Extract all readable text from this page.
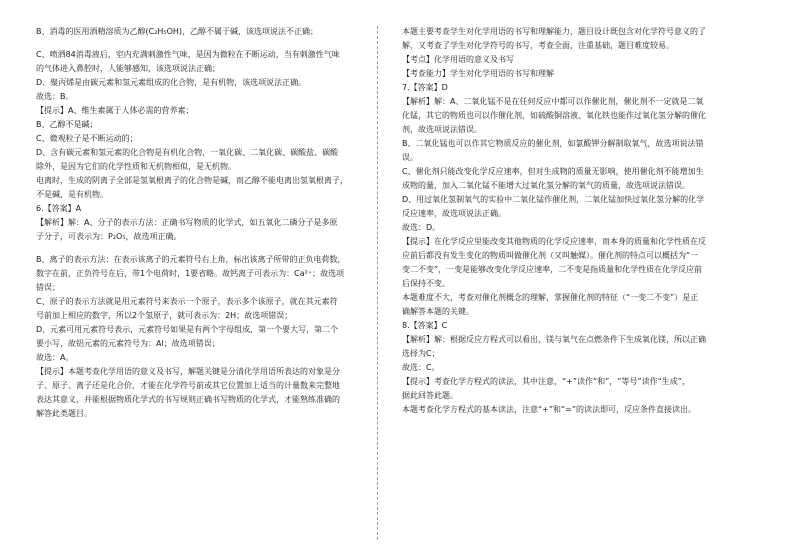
B、消毒的医用酒精溶质为乙醇(C₂H₅OH)，乙醇不属于碱，该选项说法不正确；
C、喷洒84消毒液后，室内充满刺激性气味，是因为微粒在不断运动，当有刺激性气味
的气体进入鼻腔时，人能够感知，该选项说法正确；
D、聚丙烯是由碳元素和氢元素组成的化合物，是有机物，该选项说法正确。
故选：B。
【提示】A、维生素属于人体必需的营养素；
B、乙醇不是碱；
C、微观粒子是不断运动的；
D、含有碳元素和氢元素的化合物是有机化合物，一氧化碳、二氧化碳、碳酸盐、碳酸
除外，是因为它们的化学性质和无机物相似，是无机物。
电离时，生成的阴离子全部是氢氧根离子的化合物是碱，而乙醇不能电离出氢氧根离子，
不是碱，是有机物。
6.【答案】A
【解析】解：A、分子的表示方法：正确书写物质的化学式，如五氧化二磷分子是多原
子分子，可表示为：P₂O₅，故选项正确。
B、离子的表示方法：在表示该离子的元素符号右上角，标出该离子所带的正负电荷数，
数字在前，正负符号在后，带1个电荷时，1要省略。故钙离子可表示为：Ca²⁺；故选项
错误；
C、原子的表示方法就是用元素符号来表示一个原子，表示多个该原子，就在其元素符
号前加上相应的数字，所以2个氢原子，就可表示为：2H；故选项错误；
D、元素可用元素符号表示，元素符号如果是有两个字母组成，第一个要大写，第二个
要小写，故铝元素的元素符号为：Al；故选项错误；
故选：A。
【提示】本题考查化学用语的意义及书写，解题关键是分清化学用语所表达的对象是分
子、原子、离子还是化合价，才能在化学符号前或其它位置加上适当的计量数来完整地
表达其意义，并能根据物质化学式的书写规则正确书写物质的化学式，才能熟练准确的
解答此类题目。
本题主要考查学生对化学用语的书写和理解能力，题目设计既包含对化学符号意义的了
解，又考查了学生对化学符号的书写，考查全面，注重基础，题目难度较易。
【考点】化学用语的意义及书写
【考查能力】学生对化学用语的书写和理解
7.【答案】D
【解析】解：A、二氧化锰不是在任何反应中都可以作催化剂，催化剂不一定就是二氧
化锰，其它的物质也可以作催化剂，如硫酸铜溶液、氧化铁也能作过氧化氢分解的催化
剂，故选项说法错误。
B、二氧化锰也可以作其它物质反应的催化剂，如氯酸钾分解制取氧气，故选项说法错
误。
C、催化剂只能改变化学反应速率，但对生成物的质量无影响，使用催化剂不能增加生
成物的量，加入二氧化锰不能增大过氧化氢分解的氧气的质量，故选项说法错误。
D、用过氧化氢制氧气的实验中二氧化锰作催化剂，二氧化锰加快过氧化氢分解的化学
反应速率，故选项说法正确。
故选：D。
【提示】在化学反应里能改变其他物质的化学反应速率，而本身的质量和化学性质在反
应前后都没有发生变化的物质叫做催化剂（又叫触媒）。催化剂的特点可以概括为“一
变二不变”，一变是能够改变化学反应速率，二不变是指质量和化学性质在化学反应前
后保持不变。
本题难度不大，考查对催化剂概念的理解，掌握催化剂的特征（“一变二不变”）是正
确解答本题的关键。
8.【答案】C
【解析】解：根据反应方程式可以看出，镁与氧气在点燃条件下生成氧化镁，所以正确
选择为C；
故选：C。
【提示】考查化学方程式的读法，其中注意，“+”读作“和”，“等号”读作“生成”，
据此回答此题。
本题考查化学方程式的基本读法，注意“+”和“=”的读法即可，反应条件直接读出。
